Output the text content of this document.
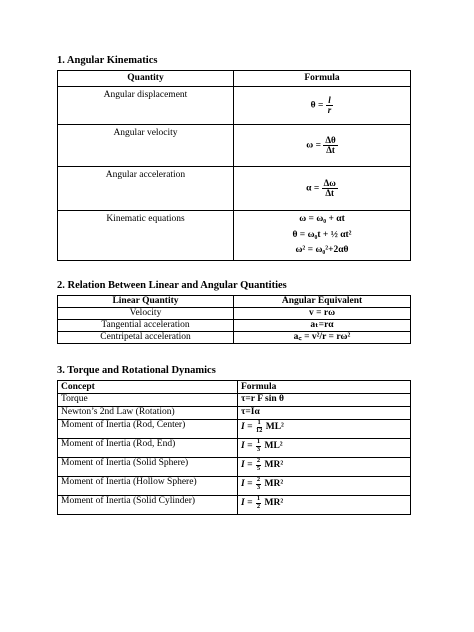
1. Angular Kinematics
Quantity	Formula
Angular displacement	$\theta = \frac{l}{r}$

Angular velocity	$\omega = \frac{\Delta\theta}{\Delta t}$

Angular acceleration	$\alpha = \frac{\Delta\omega}{\Delta t}$

Kinematic equations	ω = ω₀ + αt
θ = ω₀t + ½ αt²
ω² = ω₀²+2αθ
2. Relation Between Linear and Angular Quantities
Linear Quantity	Angular Equivalent
Velocity	v = rω
Tangential acceleration	aₜ=rα
Centripetal acceleration	a꜀ = v²/r = rω²
3. Torque and Rotational Dynamics
Concept	Formula
Torque	τ=r F sin θ
Newton’s 2nd Law (Rotation)	τ=Iα
Moment of Inertia (Rod, Center)	$I = \frac{1}{12} ML^2$
Moment of Inertia (Rod, End)	$I = \frac{1}{3} ML^2$
Moment of Inertia (Solid Sphere)	$I = \frac{2}{5} MR^2$
Moment of Inertia (Hollow Sphere)	$I = \frac{2}{3} MR^2$
Moment of Inertia (Solid Cylinder)	$I = \frac{1}{2} MR^2$
